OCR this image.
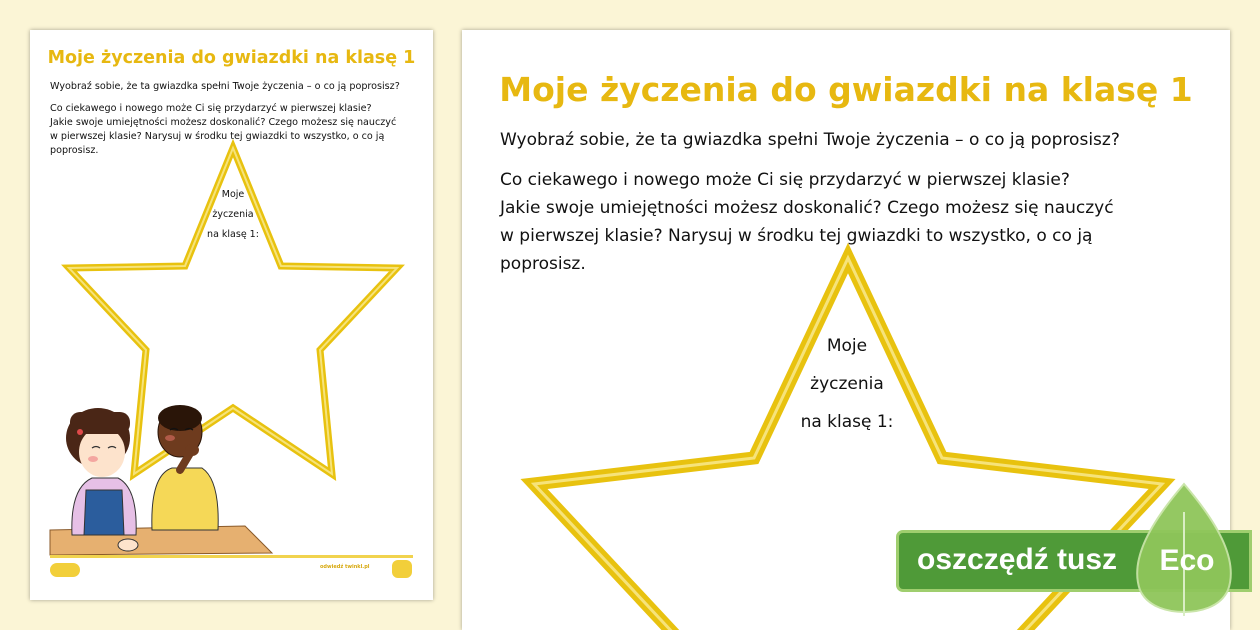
Moje życzenia do gwiazdki na klasę 1
Wyobraź sobie, że ta gwiazdka spełni Twoje życzenia – o co ją poprosisz?
Co ciekawego i nowego może Ci się przydarzyć w pierwszej klasie?
Jakie swoje umiejętności możesz doskonalić? Czego możesz się nauczyć
w pierwszej klasie? Narysuj w środku tej gwiazdki to wszystko, o co ją
poprosisz.
Moje
życzenia
na klasę 1:
odwiedź twinkl.pl
Moje życzenia do gwiazdki na klasę 1
Wyobraź sobie, że ta gwiazdka spełni Twoje życzenia – o co ją poprosisz?
Co ciekawego i nowego może Ci się przydarzyć w pierwszej klasie?
Jakie swoje umiejętności możesz doskonalić? Czego możesz się nauczyć
w pierwszej klasie? Narysuj w środku tej gwiazdki to wszystko, o co ją
poprosisz.
Moje
życzenia
na klasę 1:
oszczędź tusz Eco
